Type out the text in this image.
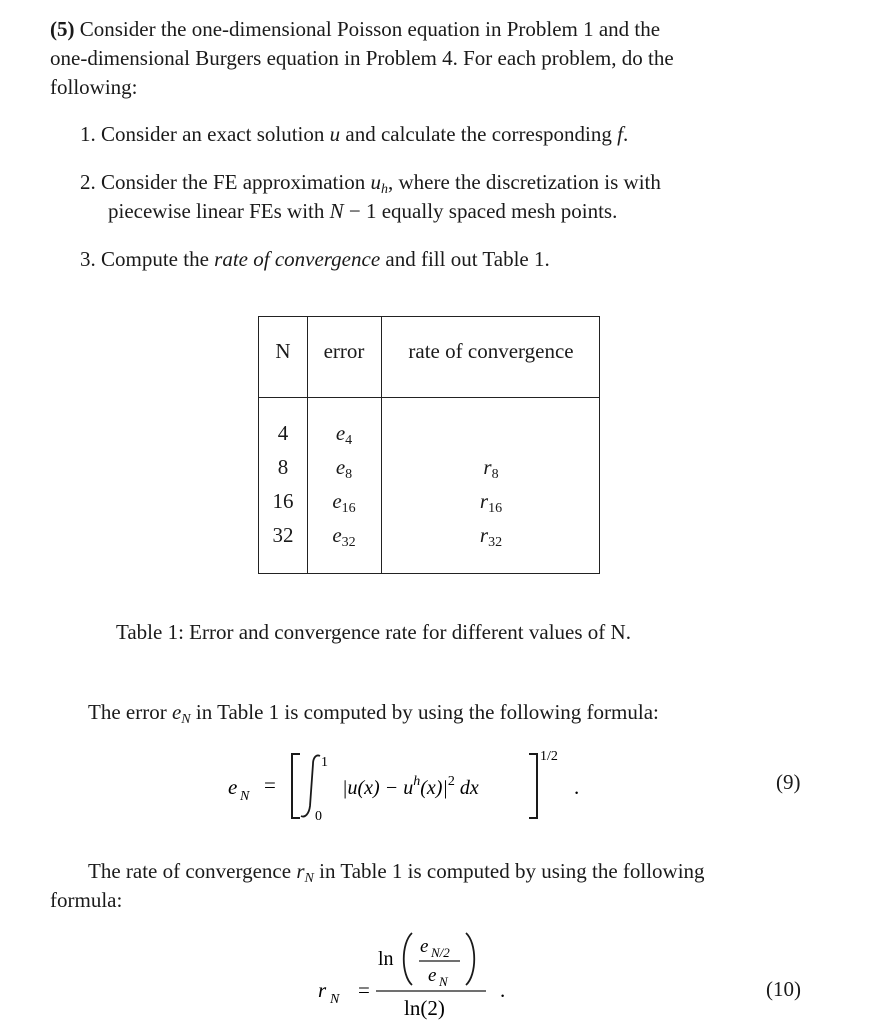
(5) Consider the one-dimensional Poisson equation in Problem 1 and the
one-dimensional Burgers equation in Problem 4. For each problem, do the
following:
1. Consider an exact solution u and calculate the corresponding f.
2. Consider the FE approximation $u_h$, where the discretization is with
piecewise linear FEs with N − 1 equally spaced mesh points.
3. Compute the rate of convergence and fill out Table 1.
N	error	rate of convergence
4	$e_4$
8	$e_8$	$r_8$
16	$e_{16}$	$r_{16}$
32	$e_{32}$	$r_{32}$
Table 1: Error and convergence rate for different values of N.
The error $e_N$ in Table 1 is computed by using the following formula:
e N =
1
0
$|u(x) - u^h(x)|^2$ dx
1/2
.	(9)
The rate of convergence $r_N$ in Table 1 is computed by using the following
formula:
r N =
ln
e N/2
e N
ln(2)
.	(10)
